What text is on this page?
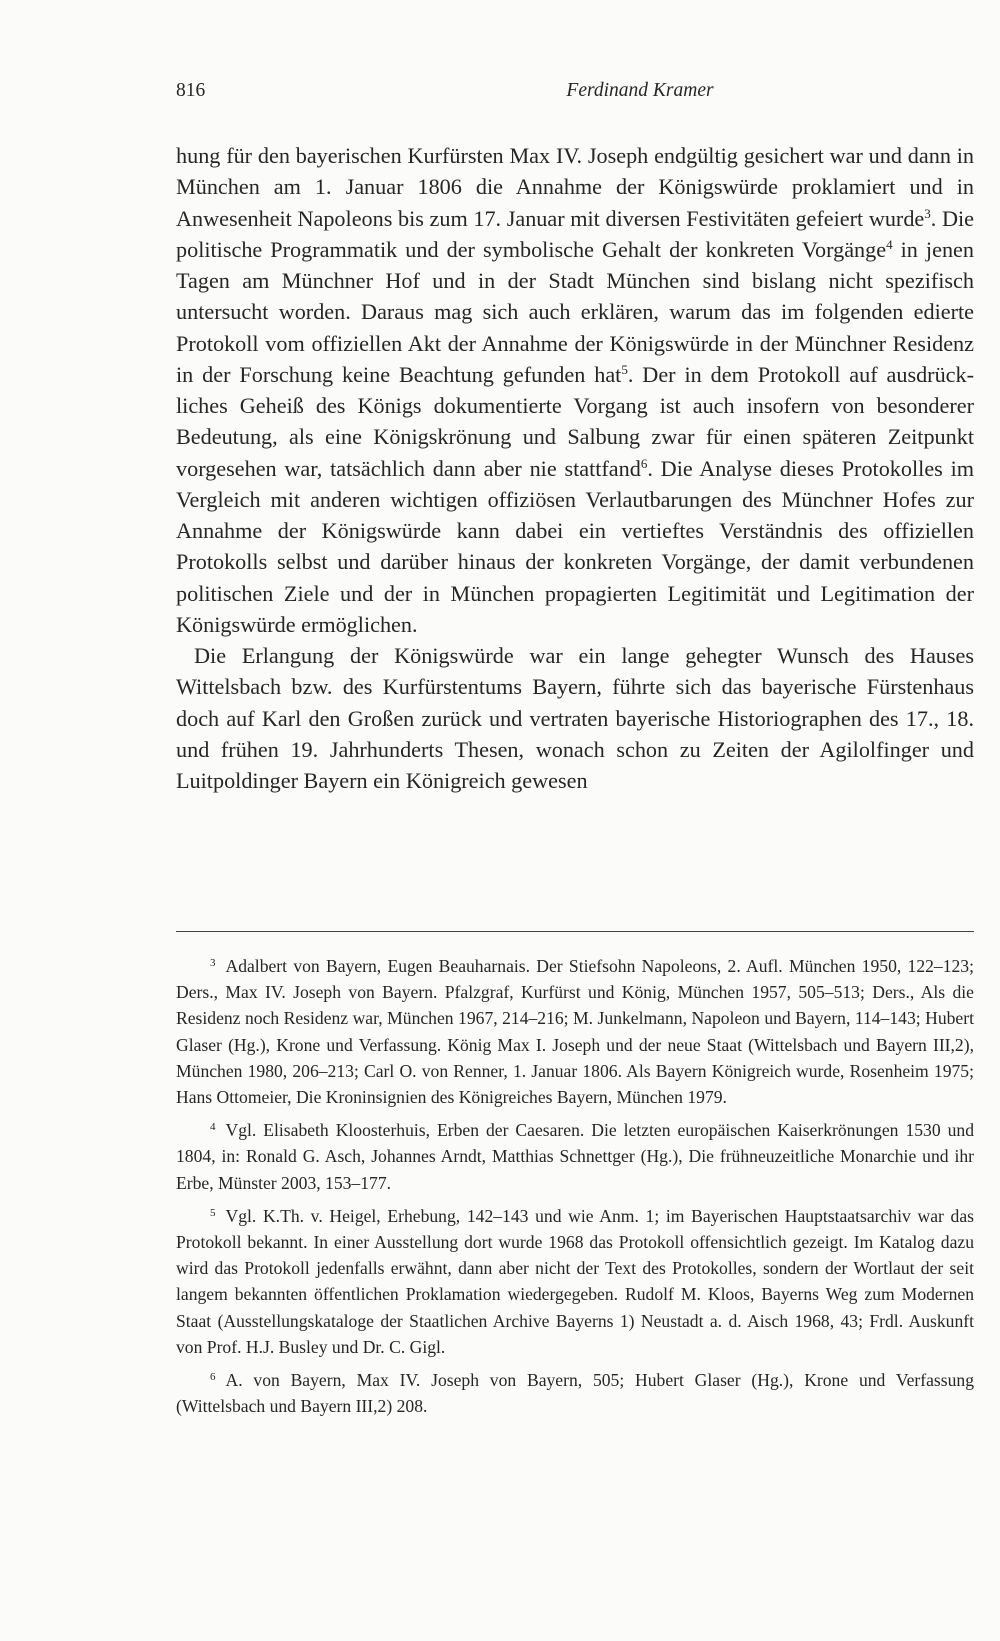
816	Ferdinand Kramer

hung für den bayerischen Kurfürsten Max IV. Joseph endgültig gesichert war und dann in München am 1. Januar 1806 die Annahme der Königswürde proklamiert und in Anwesenheit Napoleons bis zum 17. Januar mit diversen Festivitäten gefeiert wurde$^3$. Die politische Programmatik und der symbolische Gehalt der konkreten Vorgänge$^4$ in jenen Tagen am Münchner Hof und in der Stadt München sind bislang nicht spezifisch untersucht worden. Daraus mag sich auch erklären, warum das im folgenden edierte Protokoll vom offiziellen Akt der Annahme der Königswürde in der Münchner Residenz in der Forschung keine Beachtung gefunden hat$^5$. Der in dem Protokoll auf ausdrückliches Geheiß des Königs dokumentierte Vorgang ist auch insofern von besonderer Bedeutung, als eine Königskrönung und Salbung zwar für einen späteren Zeitpunkt vorgesehen war, tatsächlich dann aber nie stattfand$^6$. Die Analyse dieses Protokolles im Vergleich mit anderen wichtigen offiziösen Verlautbarungen des Münchner Hofes zur Annahme der Königswürde kann dabei ein vertieftes Verständnis des offiziellen Protokolls selbst und darüber hinaus der konkreten Vorgänge, der damit verbundenen politischen Ziele und der in München propagierten Legitimität und Legitimation der Königswürde ermöglichen.

Die Erlangung der Königswürde war ein lange gehegter Wunsch des Hauses Wittelsbach bzw. des Kurfürstentums Bayern, führte sich das bayerische Fürstenhaus doch auf Karl den Großen zurück und vertraten bayerische Historiographen des 17., 18. und frühen 19. Jahrhunderts Thesen, wonach schon zu Zeiten der Agilolfinger und Luitpoldinger Bayern ein Königreich gewesen

$^3$ Adalbert von Bayern, Eugen Beauharnais. Der Stiefsohn Napoleons, 2. Aufl. München 1950, 122–123; Ders., Max IV. Joseph von Bayern. Pfalzgraf, Kurfürst und König, München 1957, 505–513; Ders., Als die Residenz noch Residenz war, München 1967, 214–216; M. Junkelmann, Napoleon und Bayern, 114–143; Hubert Glaser (Hg.), Krone und Verfassung. König Max I. Joseph und der neue Staat (Wittelsbach und Bayern III,2), München 1980, 206–213; Carl O. von Renner, 1. Januar 1806. Als Bayern Königreich wurde, Rosenheim 1975; Hans Ottomeier, Die Kroninsignien des Königreiches Bayern, München 1979.

$^4$ Vgl. Elisabeth Kloosterhuis, Erben der Caesaren. Die letzten europäischen Kaiserkrönungen 1530 und 1804, in: Ronald G. Asch, Johannes Arndt, Matthias Schnettger (Hg.), Die frühneuzeitliche Monarchie und ihr Erbe, Münster 2003, 153–177.

$^5$ Vgl. K.Th. v. Heigel, Erhebung, 142–143 und wie Anm. 1; im Bayerischen Hauptstaatsarchiv war das Protokoll bekannt. In einer Ausstellung dort wurde 1968 das Protokoll offensichtlich gezeigt. Im Katalog dazu wird das Protokoll jedenfalls erwähnt, dann aber nicht der Text des Protokolles, sondern der Wortlaut der seit langem bekannten öffentlichen Proklamation wiedergegeben. Rudolf M. Kloos, Bayerns Weg zum Modernen Staat (Ausstellungskataloge der Staatlichen Archive Bayerns 1) Neustadt a. d. Aisch 1968, 43; Frdl. Auskunft von Prof. H.J. Busley und Dr. C. Gigl.

$^6$ A. von Bayern, Max IV. Joseph von Bayern, 505; Hubert Glaser (Hg.), Krone und Verfassung (Wittelsbach und Bayern III,2) 208.
